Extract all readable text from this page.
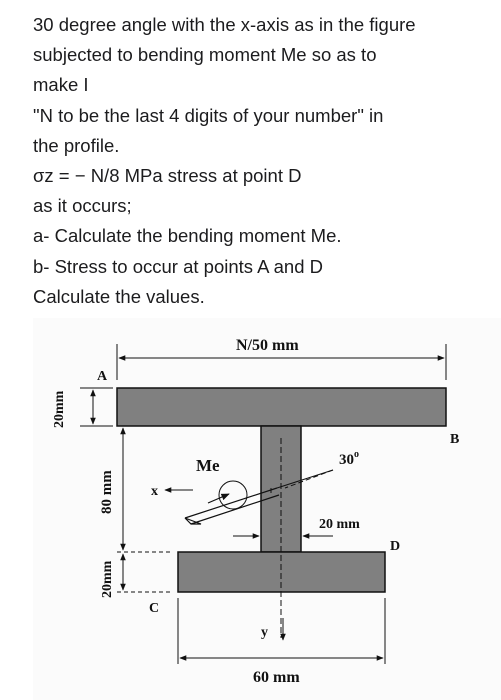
30 degree angle with the x-axis as in the figure
subjected to bending moment Me so as to
make I
"N to be the last 4 digits of your number" in
the profile.
σz = − N/8 MPa stress at point D
as it occurs;
a- Calculate the bending moment Me.
b- Stress to occur at points A and D
Calculate the values.
N/50 mm
20mm
80 mm
20mm
A
B
C
D
x
y
Me	30$^o$
20 mm
60 mm
